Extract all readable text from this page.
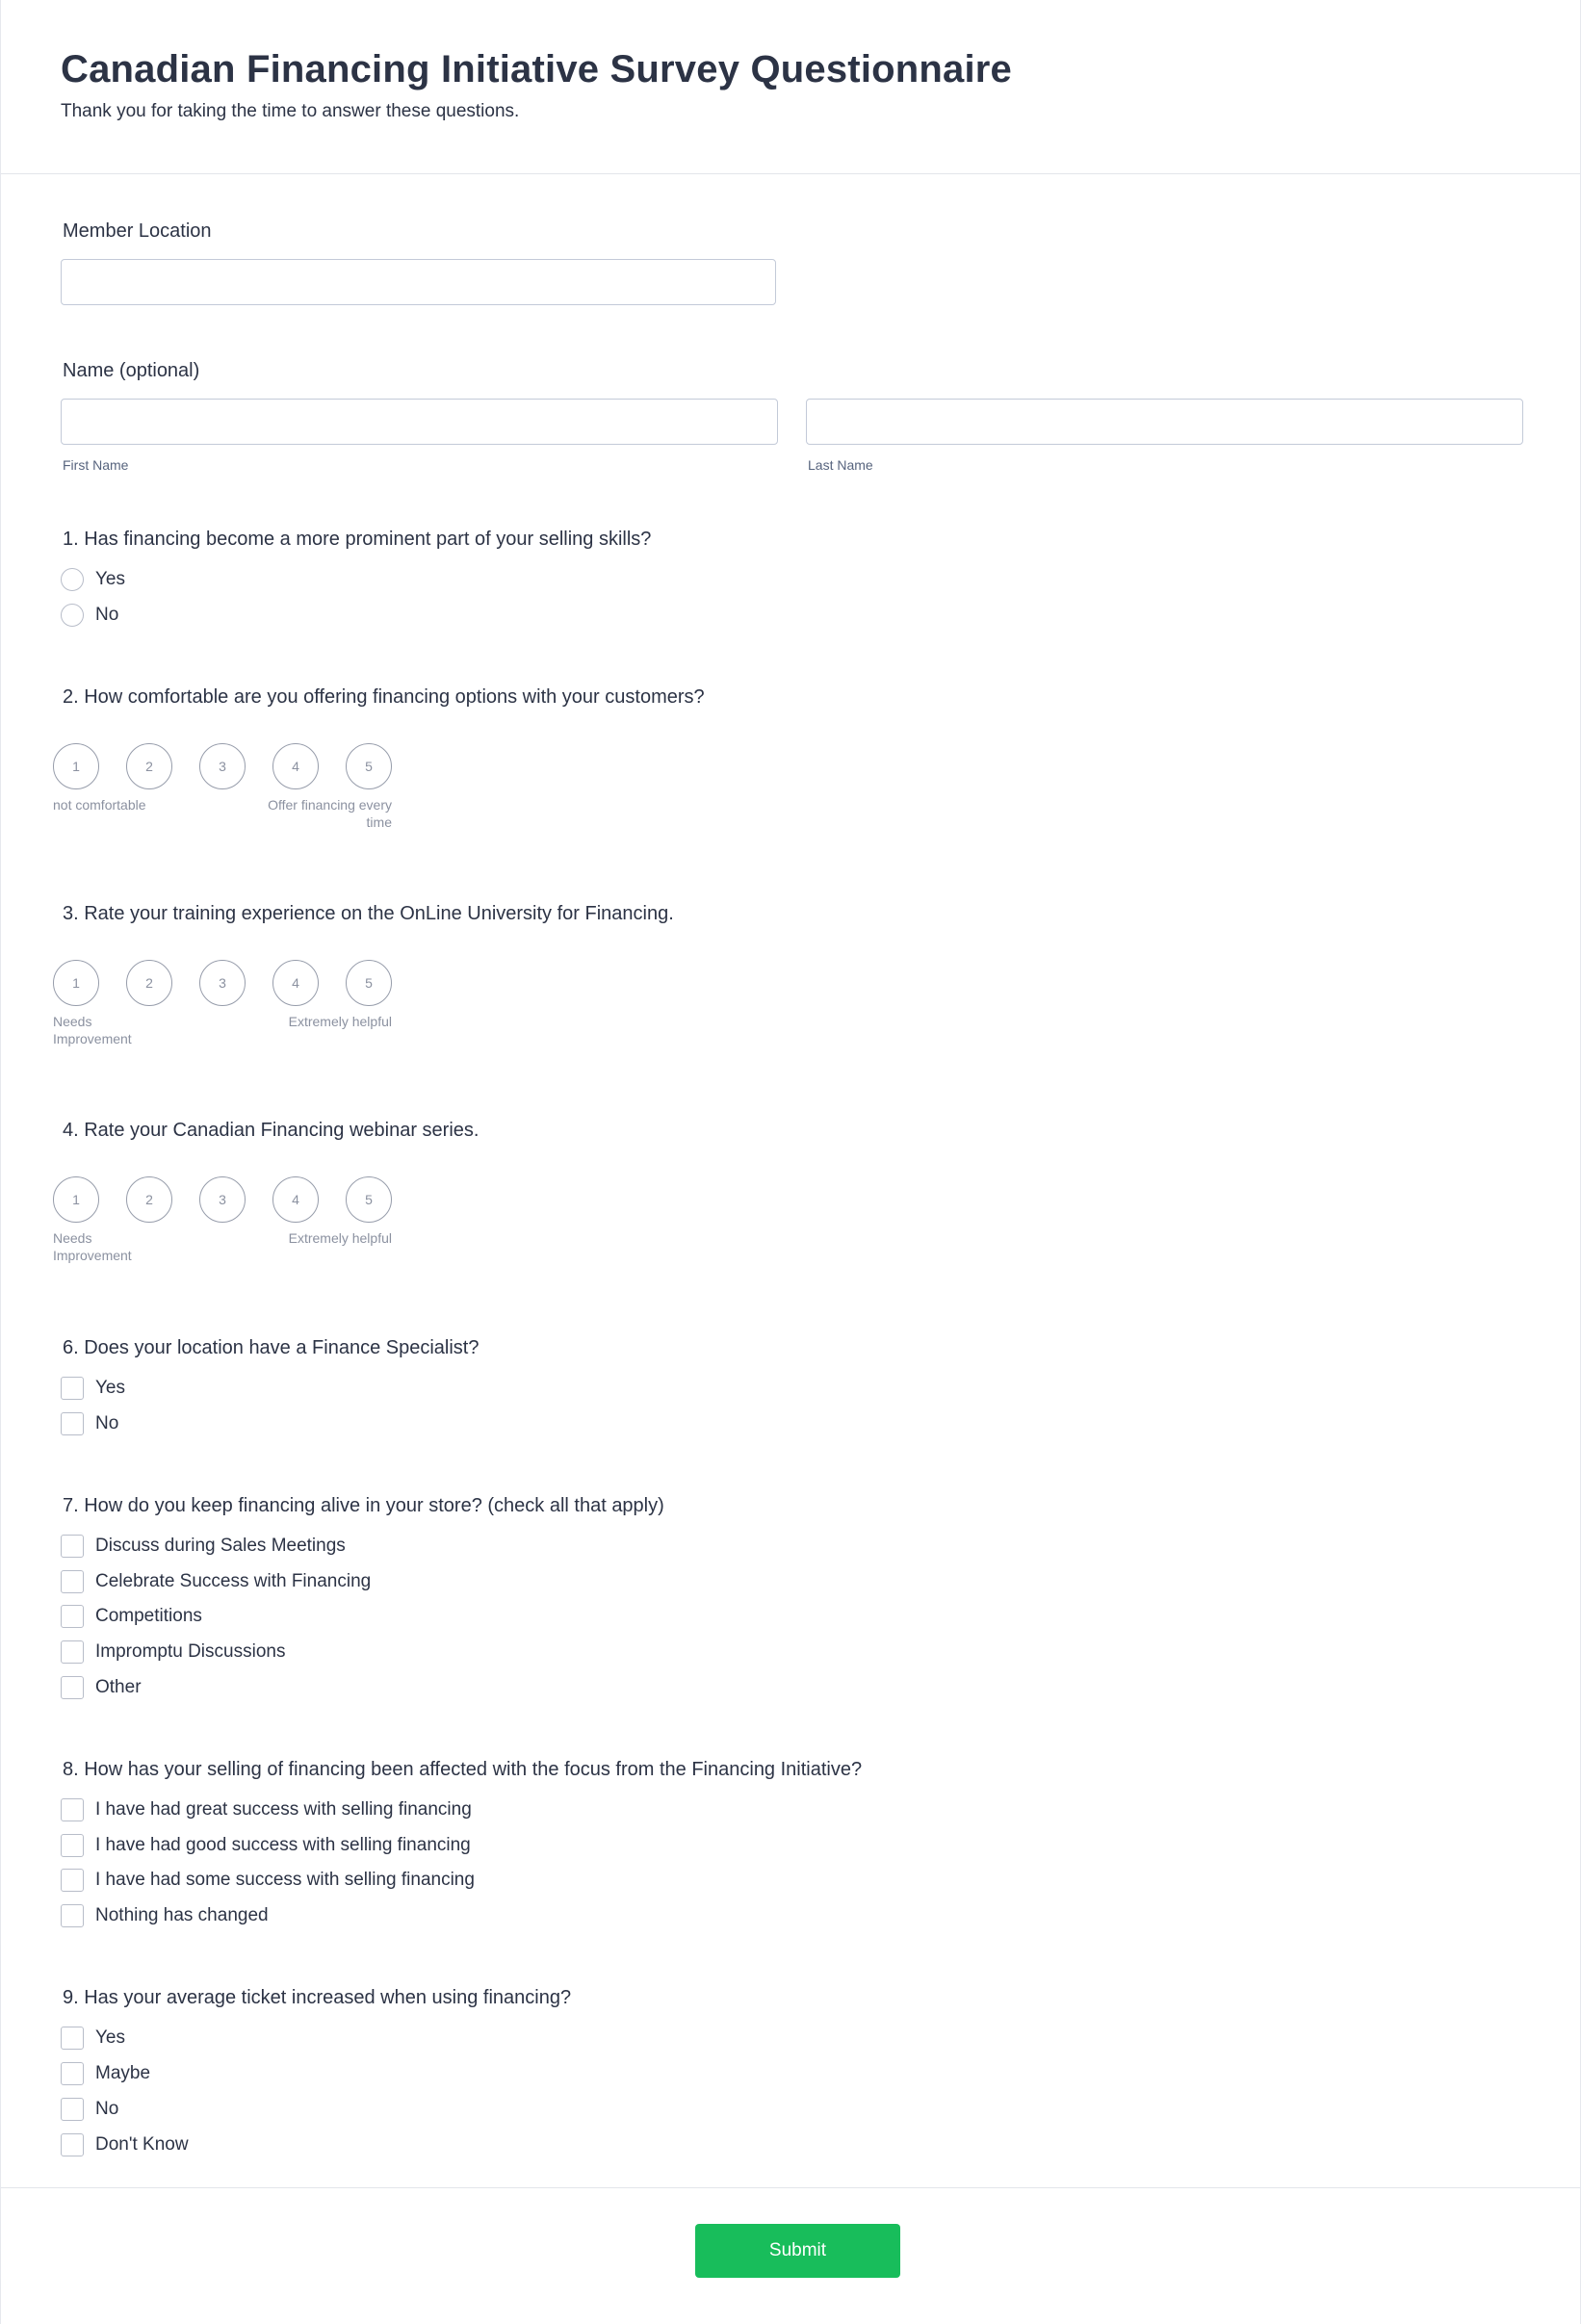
Canadian Financing Initiative Survey Questionnaire
Thank you for taking the time to answer these questions.
Member Location
Name (optional)
First Name	Last Name
1. Has financing become a more prominent part of your selling skills?
Yes
No
2. How comfortable are you offering financing options with your customers?
1	2	3	4	5
not comfortable	Offer financing every time
3. Rate your training experience on the OnLine University for Financing.
1	2	3	4	5
Needs Improvement
Extremely helpful
4. Rate your Canadian Financing webinar series.
1	2	3	4	5
Needs Improvement
Extremely helpful
6. Does your location have a Finance Specialist?
Yes
No
7. How do you keep financing alive in your store? (check all that apply)
Discuss during Sales Meetings
Celebrate Success with Financing
Competitions
Impromptu Discussions
Other
8. How has your selling of financing been affected with the focus from the Financing Initiative?
I have had great success with selling financing
I have had good success with selling financing
I have had some success with selling financing
Nothing has changed
9. Has your average ticket increased when using financing?
Yes
Maybe
No
Don't Know
Submit
